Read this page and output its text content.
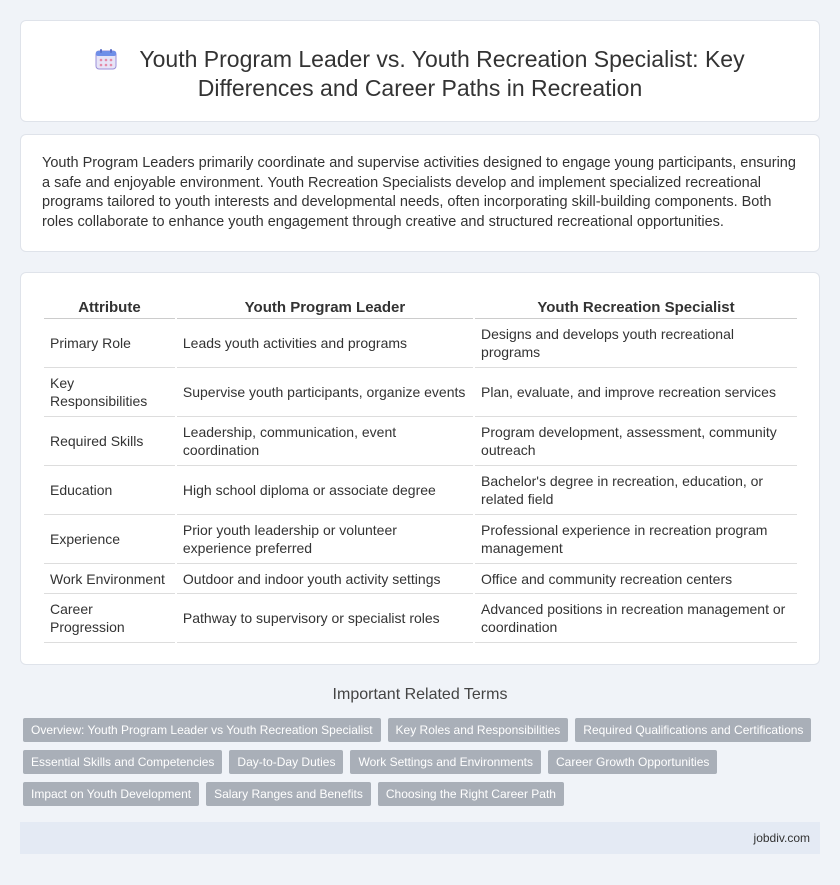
Youth Program Leader vs. Youth Recreation Specialist: Key Differences and Career Paths in Recreation

Youth Program Leaders primarily coordinate and supervise activities designed to engage young participants, ensuring a safe and enjoyable environment. Youth Recreation Specialists develop and implement specialized recreational programs tailored to youth interests and developmental needs, often incorporating skill-building components. Both roles collaborate to enhance youth engagement through creative and structured recreational opportunities.

Attribute	Youth Program Leader	Youth Recreation Specialist
Primary Role	Leads youth activities and programs	Designs and develops youth recreational programs
Key Responsibilities	Supervise youth participants, organize events	Plan, evaluate, and improve recreation services
Required Skills	Leadership, communication, event coordination	Program development, assessment, community outreach
Education	High school diploma or associate degree	Bachelor's degree in recreation, education, or related field
Experience	Prior youth leadership or volunteer experience preferred	Professional experience in recreation program management
Work Environment	Outdoor and indoor youth activity settings	Office and community recreation centers
Career Progression	Pathway to supervisory or specialist roles	Advanced positions in recreation management or coordination
Important Related Terms
Overview: Youth Program Leader vs Youth Recreation Specialist	Key Roles and Responsibilities	Required Qualifications and Certifications
Essential Skills and Competencies	Day-to-Day Duties	Work Settings and Environments	Career Growth Opportunities
Impact on Youth Development	Salary Ranges and Benefits	Choosing the Right Career Path
jobdiv.com
